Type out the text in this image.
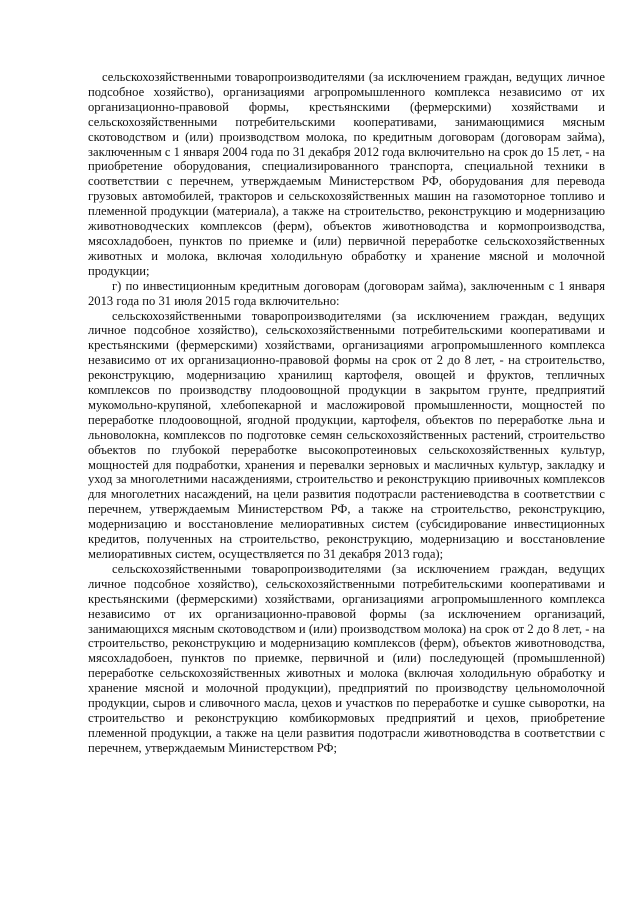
сельскохозяйственными товаропроизводителями (за исключением граждан, ведущих личное подсобное хозяйство), организациями агропромышленного комплекса независимо от их организационно-правовой формы, крестьянскими (фермерскими) хозяйствами и сельскохозяйственными потребительскими кооперативами, занимающимися мясным скотоводством и (или) производством молока, по кредитным договорам (договорам займа), заключенным с 1 января 2004 года по 31 декабря 2012 года включительно на срок до 15 лет, - на приобретение оборудования, специализированного транспорта, специальной техники в соответствии с перечнем, утверждаемым Министерством РФ, оборудования для перевода грузовых автомобилей, тракторов и сельскохозяйственных машин на газомоторное топливо и племенной продукции (материала), а также на строительство, реконструкцию и модернизацию животноводческих комплексов (ферм), объектов животноводства и кормопроизводства, мясохладобоен, пунктов по приемке и (или) первичной переработке сельскохозяйственных животных и молока, включая холодильную обработку и хранение мясной и молочной продукции;

г) по инвестиционным кредитным договорам (договорам займа), заключенным с 1 января 2013 года по 31 июля 2015 года включительно:

сельскохозяйственными товаропроизводителями (за исключением граждан, ведущих личное подсобное хозяйство), сельскохозяйственными потребительскими кооперативами и крестьянскими (фермерскими) хозяйствами, организациями агропромышленного комплекса независимо от их организационно-правовой формы на срок от 2 до 8 лет, - на строительство, реконструкцию, модернизацию хранилищ картофеля, овощей и фруктов, тепличных комплексов по производству плодоовощной продукции в закрытом грунте, предприятий мукомольно-крупяной, хлебопекарной и масложировой промышленности, мощностей по переработке плодоовощной, ягодной продукции, картофеля, объектов по переработке льна и льноволокна, комплексов по подготовке семян сельскохозяйственных растений, строительство объектов по глубокой переработке высокопротеиновых сельскохозяйственных культур, мощностей для подработки, хранения и перевалки зерновых и масличных культур, закладку и уход за многолетними насаждениями, строительство и реконструкцию приивочных комплексов для многолетних насаждений, на цели развития подотрасли растениеводства в соответствии с перечнем, утверждаемым Министерством РФ, а также на строительство, реконструкцию, модернизацию и восстановление мелиоративных систем (субсидирование инвестиционных кредитов, полученных на строительство, реконструкцию, модернизацию и восстановление мелиоративных систем, осуществляется по 31 декабря 2013 года);

сельскохозяйственными товаропроизводителями (за исключением граждан, ведущих личное подсобное хозяйство), сельскохозяйственными потребительскими кооперативами и крестьянскими (фермерскими) хозяйствами, организациями агропромышленного комплекса независимо от их организационно-правовой формы (за исключением организаций, занимающихся мясным скотоводством и (или) производством молока) на срок от 2 до 8 лет, - на строительство, реконструкцию и модернизацию комплексов (ферм), объектов животноводства, мясохладобоен, пунктов по приемке, первичной и (или) последующей (промышленной) переработке сельскохозяйственных животных и молока (включая холодильную обработку и хранение мясной и молочной продукции), предприятий по производству цельномолочной продукции, сыров и сливочного масла, цехов и участков по переработке и сушке сыворотки, на строительство и реконструкцию комбикормовых предприятий и цехов, приобретение племенной продукции, а также на цели развития подотрасли животноводства в соответствии с перечнем, утверждаемым Министерством РФ;
